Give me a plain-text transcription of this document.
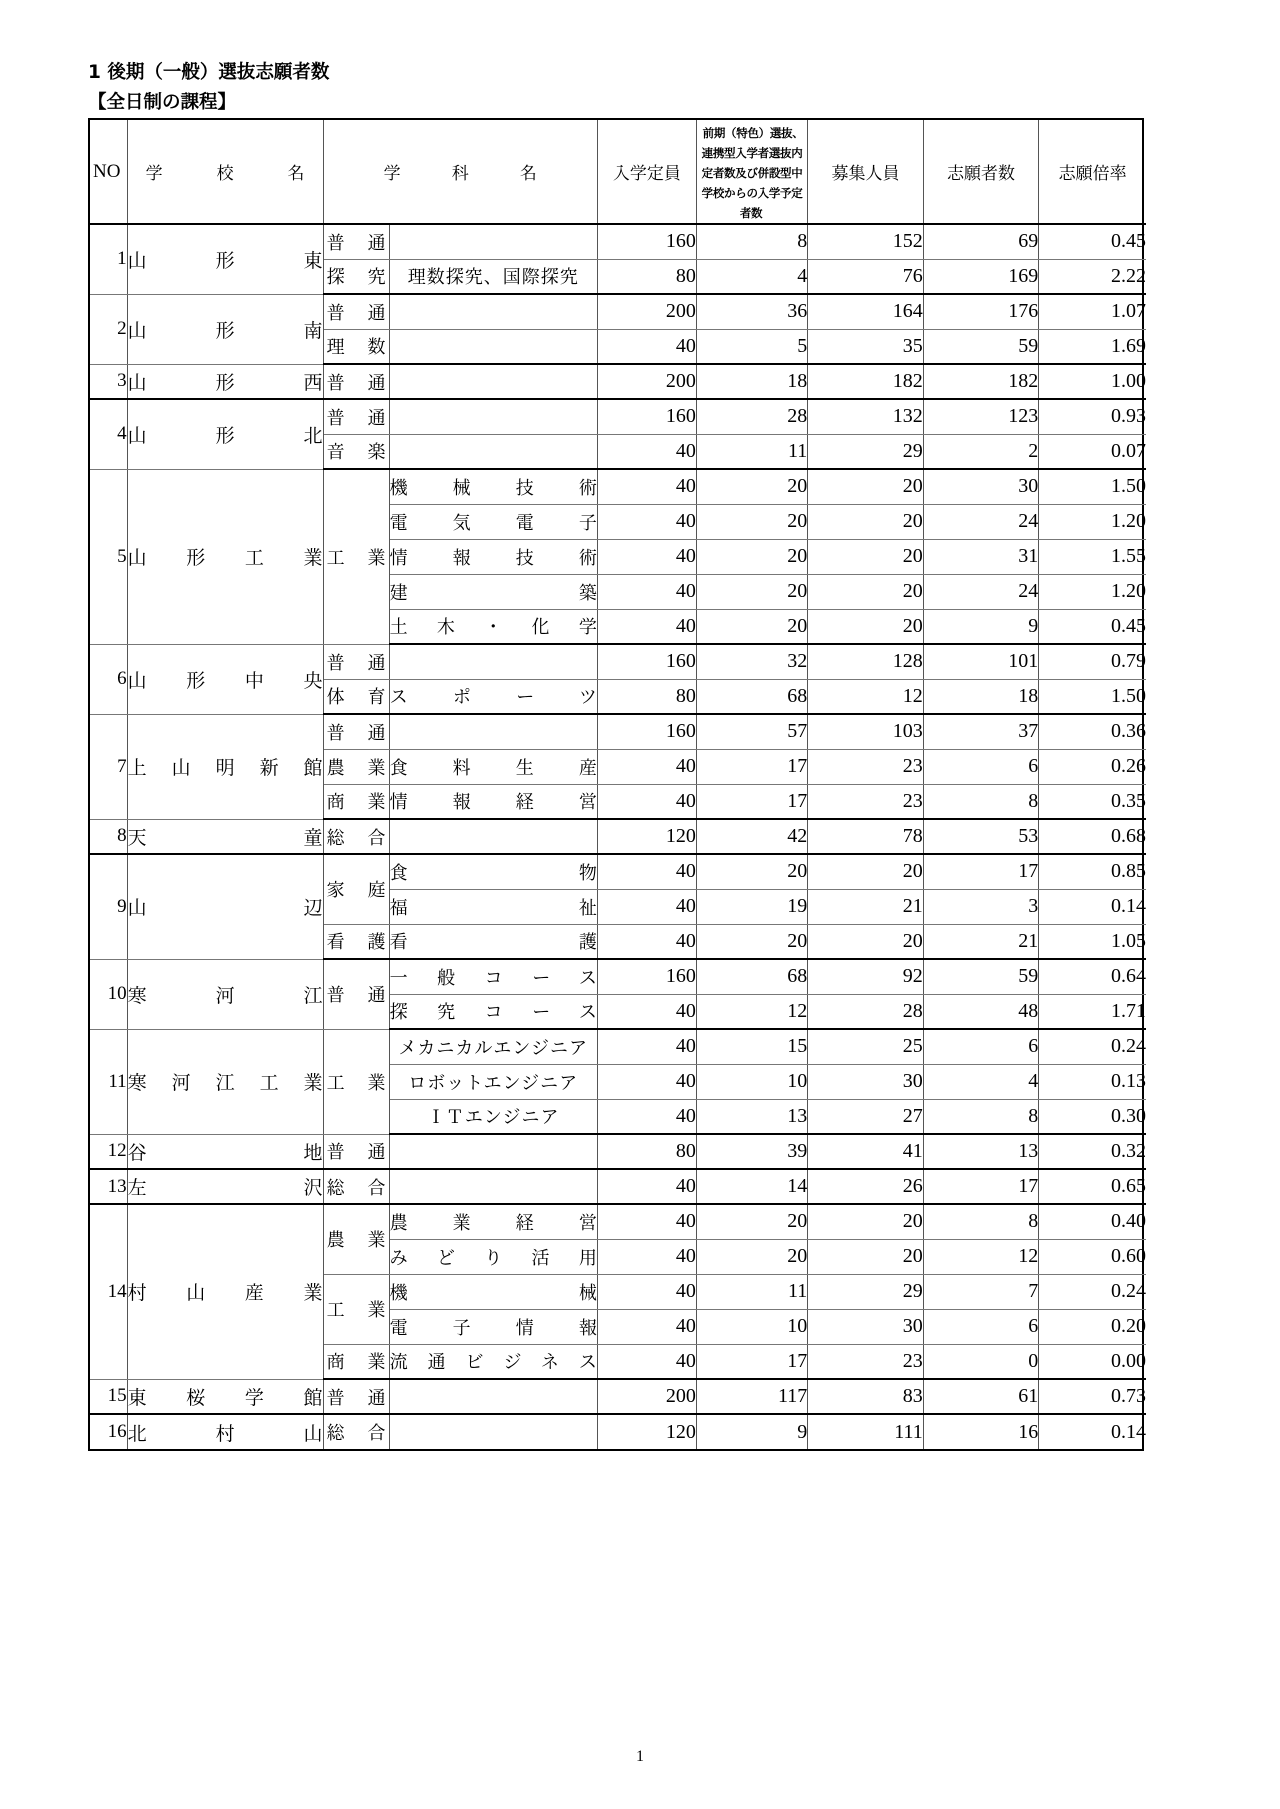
1 後期（一般）選抜志願者数
【全日制の課程】
NO	学 校 名	学 科 名		入学定員	前期（特色）選抜、連携型入学者選抜内定者数及び併設型中学校からの入学予定者数	募集人員	志願者数	志願倍率
1	山形東	普通		160	8	152	69	0.45

		探究	理数探究、国際探究	80	4	76	169	2.22
2	山形南	普通		200	36	164	176	1.07

		理数		40	5	35	59	1.69
3	山形西	普通		200	18	182	182	1.00
4	山形北	普通		160	28	132	123	0.93

		音楽		40	11	29	2	0.07
5	山形工業	工業	機械技術	40	20	20	30	1.50

			電気電子	40	20	20	24	1.20

			情報技術	40	20	20	31	1.55

			建築	40	20	20	24	1.20

			土木・化学	40	20	20	9	0.45
6	山形中央	普通		160	32	128	101	0.79

		体育	スポーツ	80	68	12	18	1.50
7	上山明新館	普通		160	57	103	37	0.36

		農業	食料生産	40	17	23	6	0.26

		商業	情報経営	40	17	23	8	0.35
8	天童	総合		120	42	78	53	0.68
9	山辺	家庭	食物	40	20	20	17	0.85

			福祉	40	19	21	3	0.14

		看護	看護	40	20	20	21	1.05
10	寒河江	普通	一般コース	160	68	92	59	0.64

			探究コース	40	12	28	48	1.71
11	寒河江工業	工業	メカニカルエンジニア	40	15	25	6	0.24

			ロボットエンジニア	40	10	30	4	0.13

			ＩＴエンジニア	40	13	27	8	0.30
12	谷地	普通		80	39	41	13	0.32
13	左沢	総合		40	14	26	17	0.65
14	村山産業	農業	農業経営	40	20	20	8	0.40

			みどり活用	40	20	20	12	0.60

		工業	機械	40	11	29	7	0.24

			電子情報	40	10	30	6	0.20

		商業	流通ビジネス	40	17	23	0	0.00
15	東桜学館	普通		200	117	83	61	0.73
16	北村山	総合		120	9	111	16	0.14
1
